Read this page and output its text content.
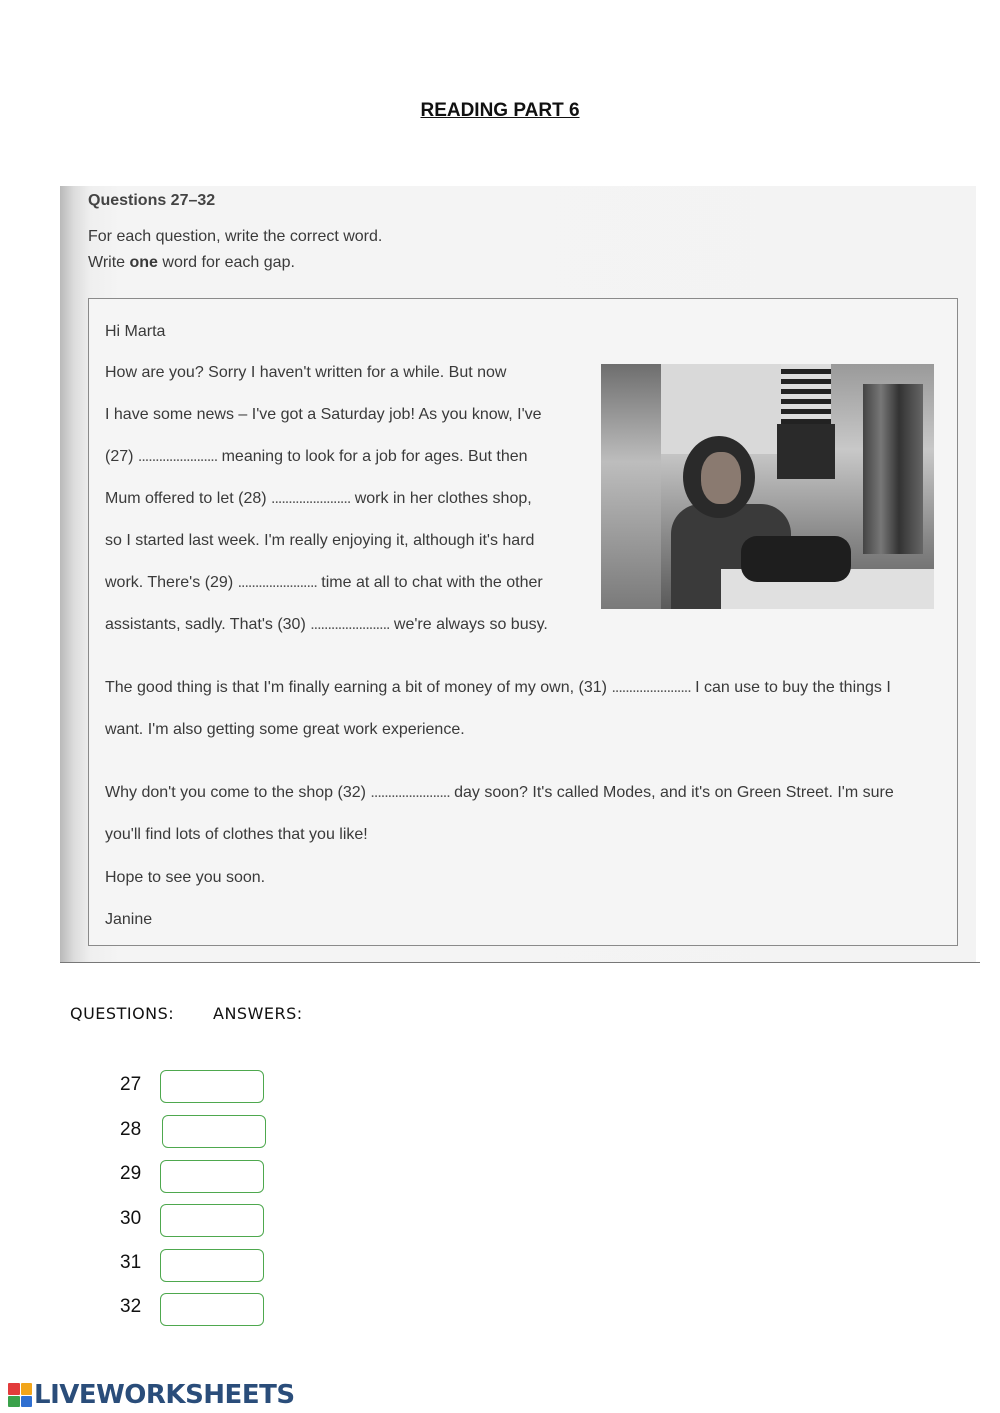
READING PART 6
Questions 27–32
For each question, write the correct word.
Write one word for each gap.
Hi Marta
How are you? Sorry I haven't written for a while. But now
I have some news – I've got a Saturday job! As you know, I've
(27) ....................... meaning to look for a job for ages. But then
Mum offered to let (28) ....................... work in her clothes shop,
so I started last week. I'm really enjoying it, although it's hard
work. There's (29) ....................... time at all to chat with the other
assistants, sadly. That's (30) ....................... we're always so busy.
The good thing is that I'm finally earning a bit of money of my own, (31) ....................... I can use to buy the things I
want. I'm also getting some great work experience.
Why don't you come to the shop (32) ....................... day soon? It's called Modes, and it's on Green Street. I'm sure
you'll find lots of clothes that you like!
Hope to see you soon.
Janine
QUESTIONS: ANSWERS:
27
28
29
30
31
32
LIVEWORKSHEETS
